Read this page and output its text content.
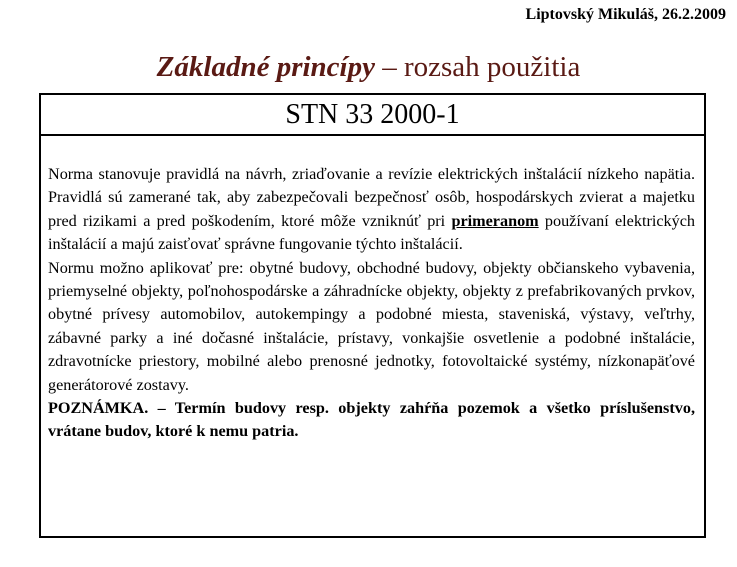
Liptovský Mikuláš, 26.2.2009
Základné princípy – rozsah použitia
STN 33 2000-1

Norma stanovuje pravidlá na návrh, zriaďovanie a revízie elektrických inštalácií nízkeho napätia. Pravidlá sú zamerané tak, aby zabezpečovali bezpečnosť osôb, hospodárskych zvierat a majetku pred rizikami a pred poškodením, ktoré môže vzniknúť pri primeranom používaní elektrických inštalácií a majú zaisťovať správne fungovanie týchto inštalácií.

Normu možno aplikovať pre: obytné budovy, obchodné budovy, objekty občianskeho vybavenia, priemyselné objekty, poľnohospodárske a záhradnícke objekty, objekty z prefabrikovaných prvkov, obytné prívesy automobilov, autokempingy a podobné miesta, staveniská, výstavy, veľtrhy, zábavné parky a iné dočasné inštalácie, prístavy, vonkajšie osvetlenie a podobné inštalácie, zdravotnícke priestory, mobilné alebo prenosné jednotky, fotovoltaické systémy, nízkonapäťové generátorové zostavy.

POZNÁMKA. – Termín budovy resp. objekty zahŕňa pozemok a všetko príslušenstvo, vrátane budov, ktoré k nemu patria.
